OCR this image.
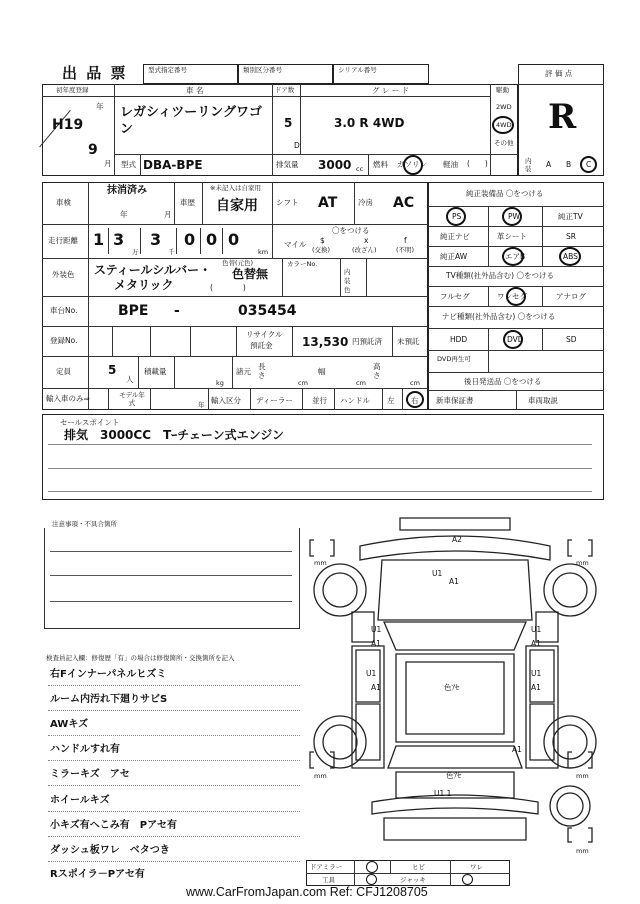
出 品 票	型式指定番号	類別区分番号	シリアル番号	評 価 点
R
初年度登録
年
月
H19
9
車 名
レガシィツーリングワゴン
ドア数
5
D
グ レ ー ド
3.0 R 4WD
駆動
2WD
4WD
その他
型式 DBA-BPE	排気量 3000 cc 燃料 ガソリン 軽油 (　　)	内装	A B C
車検
抹消済み
年	月
車歴
※未記入は自家用
自家用 シフト AT	冷房 AC
走行距離 1 3
万
3
千
0 0 0
km
マイル
〇をつける
$
(交換)
x
(改ざん)
f
(不明)
外装色 スティールシルバー・
メタリック
色替(元色)
色替無
(　　　　)
カラーNo.
内装色
車台No.	BPE -	035454
登録No.
リサイクル
預託金 13,530 円預託済 未預託
定員	5
人
積載量
kg
諸元
長さ
cm
幅
cm
高さ
cm
輸入車のみ⇒	モデル年式	年 輸入区分 ディーラー	並行 ハンドル 左 右
純正装備品 〇をつける
PS	PW	純正TV
純正ナビ	革シート	SR
純正AW	エアB	ABS
TV種類(社外品含む) 〇をつける
フルセグ	ワンセグ	アナログ
ナビ種類(社外品含む) 〇をつける
HDD	DVD	SD
DVD再生可
後日発送品 〇をつける
新車保証書	車両取説
セールスポイント
排気　3000CC　Tｰチェーン式エンジン
注意事項・不具合箇所
検査員記入欄：修復歴「有」の場合は修復箇所・交換箇所を記入
右Fインナーパネルヒズミ
ルーム内汚れ下廻りサビS
AWキズ
ハンドルすれ有
ミラーキズ　アセ
ホイールキズ
小キズ有へこみ有　Pアセ有
ダッシュ板ワレ　ベタつき
Rスポイラ－Pアセ有
A2
U1
A1
U1
A1
U1
A1
U1
A1
U1
A1
色ｱｾ
A1
色ｱｾ
U1 1
mm	mm
mm	mm
mm
ドアミラー	ヒビ	ワレ
工具	ジャッキ
www.CarFromJapan.com Ref: CFJ1208705
